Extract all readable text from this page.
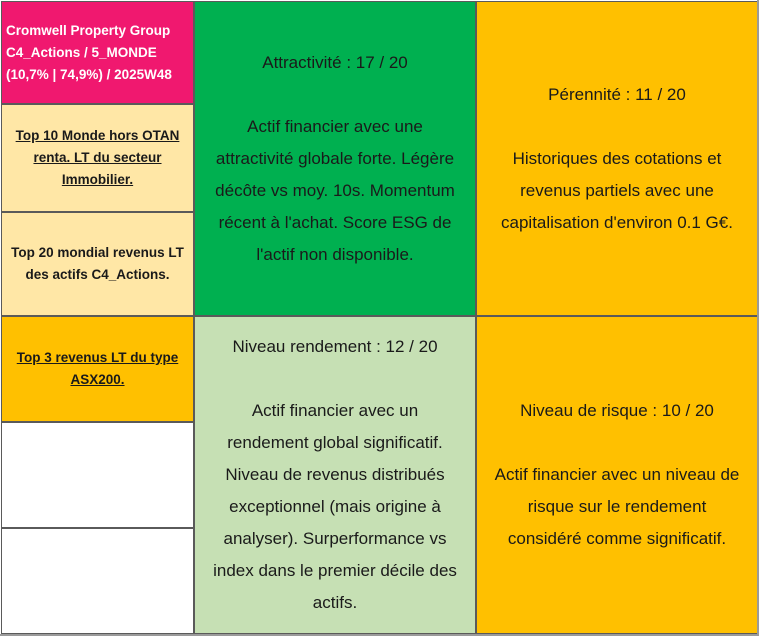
Cromwell Property Group
C4_Actions / 5_MONDE
(10,7% | 74,9%) / 2025W48
Top 10 Monde hors OTAN
renta. LT du secteur
Immobilier.
Top 20 mondial revenus LT
des actifs C4_Actions.
Top 3 revenus LT du type
ASX200.
Attractivité : 17 / 20
Actif financier avec une
attractivité globale forte. Légère
décôte vs moy. 10s. Momentum
récent à l'achat. Score ESG de
l'actif non disponible.
Pérennité : 11 / 20
Historiques des cotations et
revenus partiels avec une
capitalisation d'environ 0.1 G€.
Niveau rendement : 12 / 20
Actif financier avec un
rendement global significatif.
Niveau de revenus distribués
exceptionnel (mais origine à
analyser). Surperformance vs
index dans le premier décile des
actifs.
Niveau de risque : 10 / 20
Actif financier avec un niveau de
risque sur le rendement
considéré comme significatif.
